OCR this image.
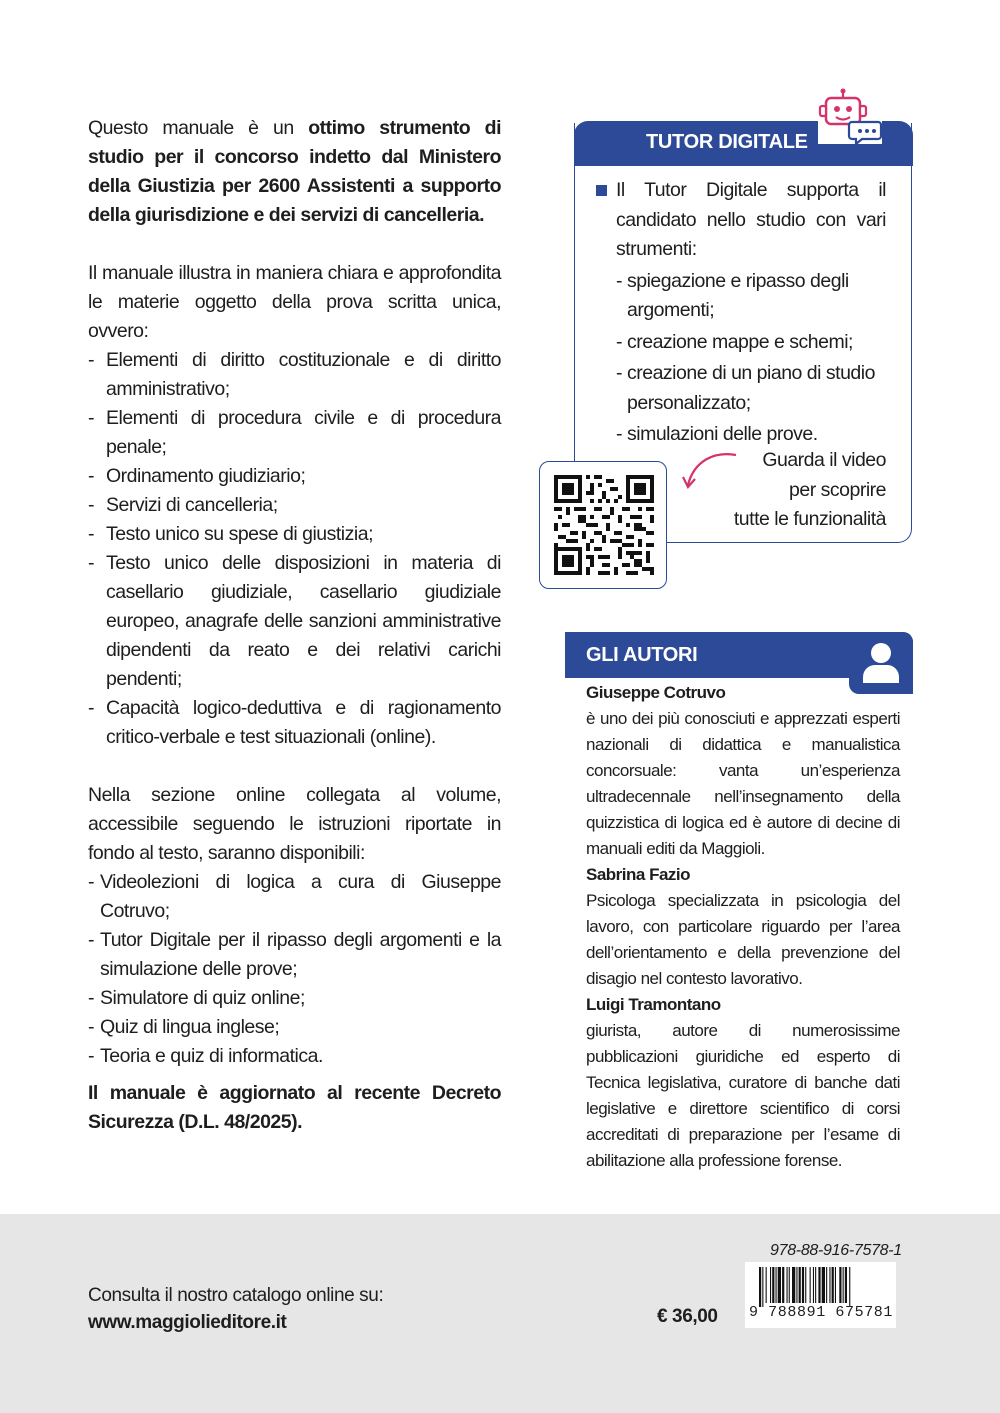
Questo manuale è un ottimo strumento di studio per il concorso indetto dal Ministero della Giustizia per 2600 Assistenti a supporto della giurisdizione e dei servizi di cancelleria.

Il manuale illustra in maniera chiara e approfondita le materie oggetto della prova scritta unica, ovvero:

- Elementi di diritto costituzionale e di diritto amministrativo;
- Elementi di procedura civile e di procedura penale;
- Ordinamento giudiziario;
- Servizi di cancelleria;
- Testo unico su spese di giustizia;
- Testo unico delle disposizioni in materia di casellario giudiziale, casellario giudiziale europeo, anagrafe delle sanzioni amministrative dipendenti da reato e dei relativi carichi pendenti;
- Capacità logico-deduttiva e di ragionamento critico-verbale e test situazionali (online).

Nella sezione online collegata al volume, accessibile seguendo le istruzioni riportate in fondo al testo, saranno disponibili:

- Videolezioni di logica a cura di Giuseppe Cotruvo;
- Tutor Digitale per il ripasso degli argomenti e la simulazione delle prove;
- Simulatore di quiz online;
- Quiz di lingua inglese;
- Teoria e quiz di informatica.

Il manuale è aggiornato al recente Decreto Sicurezza (D.L. 48/2025).

TUTOR DIGITALE

Il Tutor Digitale supporta il candidato nello studio con vari strumenti:

- spiegazione e ripasso degli argomenti;
- creazione mappe e schemi;
- creazione di un piano di studio personalizzato;
- simulazioni delle prove.
Guarda il video
per scoprire
tutte le funzionalità
GLI AUTORI

Giuseppe Cotruvo

è uno dei più conosciuti e apprezzati esperti nazionali di didattica e manualistica concorsuale: vanta un’esperienza ultradecennale nell’insegnamento della quizzistica di logica ed è autore di decine di manuali editi da Maggioli.

Sabrina Fazio

Psicologa specializzata in psicologia del lavoro, con particolare riguardo per l’area dell’orientamento e della prevenzione del disagio nel contesto lavorativo.

Luigi Tramontano

giurista, autore di numerosissime pubblicazioni giuridiche ed esperto di Tecnica legislativa, curatore di banche dati legislative e direttore scientifico di corsi accreditati di preparazione per l’esame di abilitazione alla professione forense.

Consulta il nostro catalogo online su:
www.maggiolieditore.it	€ 36,00
978-88-916-7578-1
9 788891 675781
